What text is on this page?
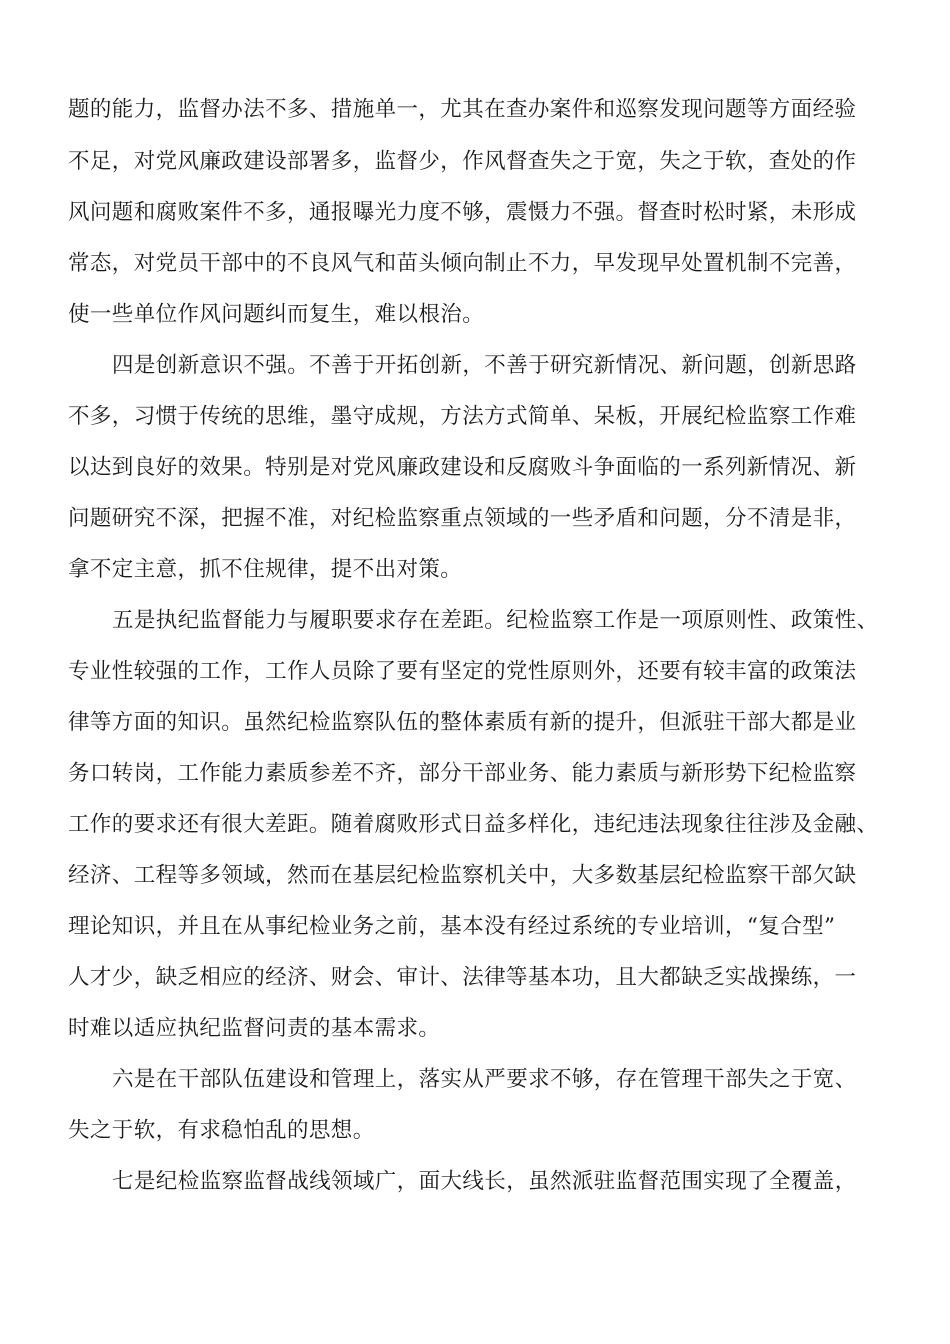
题的能力，监督办法不多、措施单一，尤其在查办案件和巡察发现问题等方面经验
不足，对党风廉政建设部署多，监督少，作风督查失之于宽，失之于软，查处的作
风问题和腐败案件不多，通报曝光力度不够，震慑力不强。督查时松时紧，未形成
常态，对党员干部中的不良风气和苗头倾向制止不力，早发现早处置机制不完善，
使一些单位作风问题纠而复生，难以根治。
四是创新意识不强。不善于开拓创新，不善于研究新情况、新问题，创新思路
不多，习惯于传统的思维，墨守成规，方法方式简单、呆板，开展纪检监察工作难
以达到良好的效果。特别是对党风廉政建设和反腐败斗争面临的一系列新情况、新
问题研究不深，把握不准，对纪检监察重点领域的一些矛盾和问题，分不清是非，
拿不定主意，抓不住规律，提不出对策。
五是执纪监督能力与履职要求存在差距。纪检监察工作是一项原则性、政策性、
专业性较强的工作，工作人员除了要有坚定的党性原则外，还要有较丰富的政策法
律等方面的知识。虽然纪检监察队伍的整体素质有新的提升，但派驻干部大都是业
务口转岗，工作能力素质参差不齐，部分干部业务、能力素质与新形势下纪检监察
工作的要求还有很大差距。随着腐败形式日益多样化，违纪违法现象往往涉及金融、
经济、工程等多领域，然而在基层纪检监察机关中，大多数基层纪检监察干部欠缺
理论知识，并且在从事纪检业务之前，基本没有经过系统的专业培训，“复合型”
人才少，缺乏相应的经济、财会、审计、法律等基本功，且大都缺乏实战操练，一
时难以适应执纪监督问责的基本需求。
六是在干部队伍建设和管理上，落实从严要求不够，存在管理干部失之于宽、
失之于软，有求稳怕乱的思想。
七是纪检监察监督战线领域广，面大线长，虽然派驻监督范围实现了全覆盖，
